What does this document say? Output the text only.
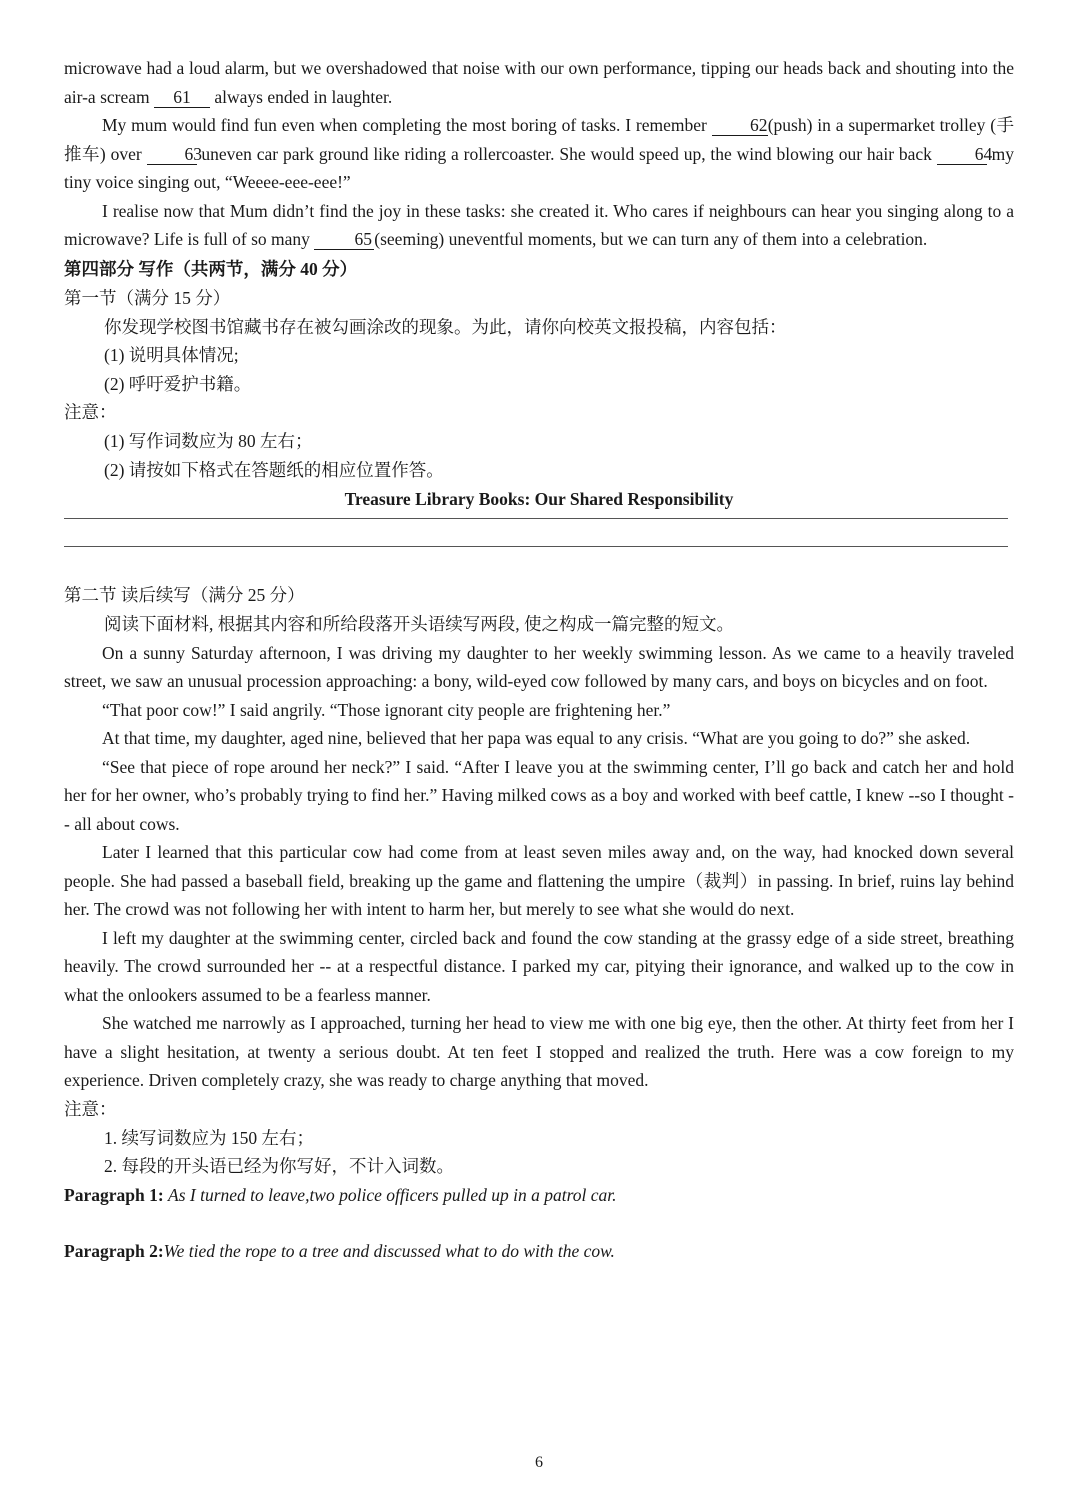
microwave had a loud alarm, but we overshadowed that noise with our own performance, tipping our heads back and shouting into the air-a scream 61 always ended in laughter.

My mum would find fun even when completing the most boring of tasks. I remember 62(push) in a supermarket trolley (手推车) over 63 uneven car park ground like riding a rollercoaster. She would speed up, the wind blowing our hair back 64 my tiny voice singing out, “Weeee-eee-eee!”

I realise now that Mum didn’t find the joy in these tasks: she created it. Who cares if neighbours can hear you singing along to a microwave? Life is full of so many	65 (seeming) uneventful moments, but we can turn any of them into a celebration.

第四部分 写作（共两节，满分 40 分）

第一节（满分 15 分）

你发现学校图书馆藏书存在被勾画涂改的现象。为此，请你向校英文报投稿，内容包括：

(1) 说明具体情况;

(2) 呼吁爱护书籍。

注意：

(1) 写作词数应为 80 左右；

(2) 请按如下格式在答题纸的相应位置作答。

Treasure Library Books: Our Shared Responsibility

第二节 读后续写（满分 25 分）

阅读下面材料, 根据其内容和所给段落开头语续写两段, 使之构成一篇完整的短文。

On a sunny Saturday afternoon, I was driving my daughter to her weekly swimming lesson. As we came to a heavily traveled street, we saw an unusual procession approaching: a bony, wild-eyed cow followed by many cars, and boys on bicycles and on foot.

“That poor cow!” I said angrily. “Those ignorant city people are frightening her.”

At that time, my daughter, aged nine, believed that her papa was equal to any crisis. “What are you going to do?” she asked.

“See that piece of rope around her neck?” I said. “After I leave you at the swimming center, I’ll go back and catch her and hold her for her owner, who’s probably trying to find her.” Having milked cows as a boy and worked with beef cattle, I knew --so I thought -- all about cows.

Later I learned that this particular cow had come from at least seven miles away and, on the way, had knocked down several people. She had passed a baseball field, breaking up the game and flattening the umpire（裁判）in passing. In brief, ruins lay behind her. The crowd was not following her with intent to harm her, but merely to see what she would do next.

I left my daughter at the swimming center, circled back and found the cow standing at the grassy edge of a side street, breathing heavily. The crowd surrounded her -- at a respectful distance. I parked my car, pitying their ignorance, and walked up to the cow in what the onlookers assumed to be a fearless manner.

She watched me narrowly as I approached, turning her head to view me with one big eye, then the other. At thirty feet from her I have a slight hesitation, at twenty a serious doubt. At ten feet I stopped and realized the truth. Here was a cow foreign to my experience. Driven completely crazy, she was ready to charge anything that moved.

注意：

1. 续写词数应为 150 左右；

2. 每段的开头语已经为你写好，不计入词数。

Paragraph 1: As I turned to leave,two police officers pulled up in a patrol car.

Paragraph 2:We tied the rope to a tree and discussed what to do with the cow.

6
